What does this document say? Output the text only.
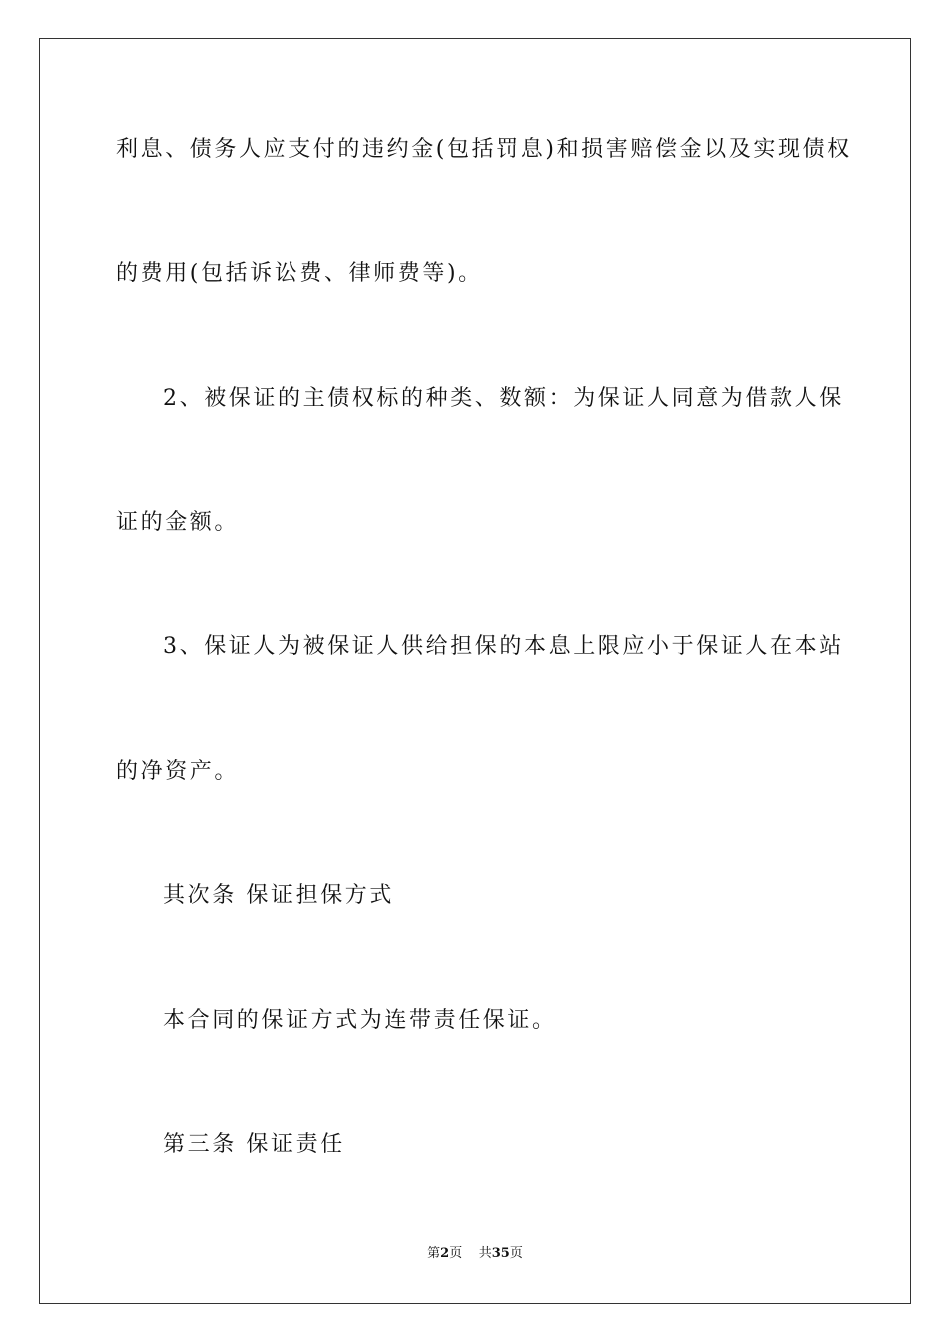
利息、债务人应支付的违约金(包括罚息)和损害赔偿金以及实现债权
的费用(包括诉讼费、律师费等)。
2、被保证的主债权标的种类、数额：为保证人同意为借款人保
证的金额。
3、保证人为被保证人供给担保的本息上限应小于保证人在本站
的净资产。
其次条 保证担保方式
本合同的保证方式为连带责任保证。
第三条 保证责任
第2页 共35页
